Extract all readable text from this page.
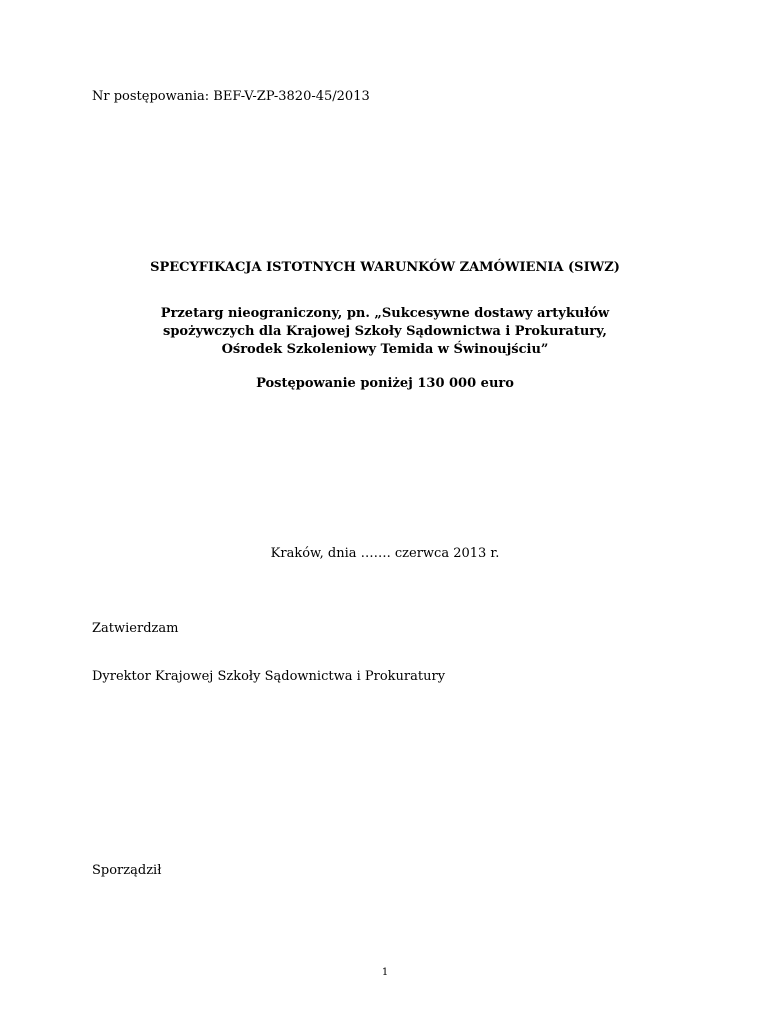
Nr postępowania: BEF-V-ZP-3820-45/2013
SPECYFIKACJA ISTOTNYCH WARUNKÓW ZAMÓWIENIA (SIWZ)
Przetarg nieograniczony, pn. „Sukcesywne dostawy artykułów
spożywczych dla Krajowej Szkoły Sądownictwa i Prokuratury,
Ośrodek Szkoleniowy Temida w Świnoujściu”
Postępowanie poniżej 130 000 euro
Kraków, dnia ……. czerwca 2013 r.
Zatwierdzam
Dyrektor Krajowej Szkoły Sądownictwa i Prokuratury
Sporządził
1
